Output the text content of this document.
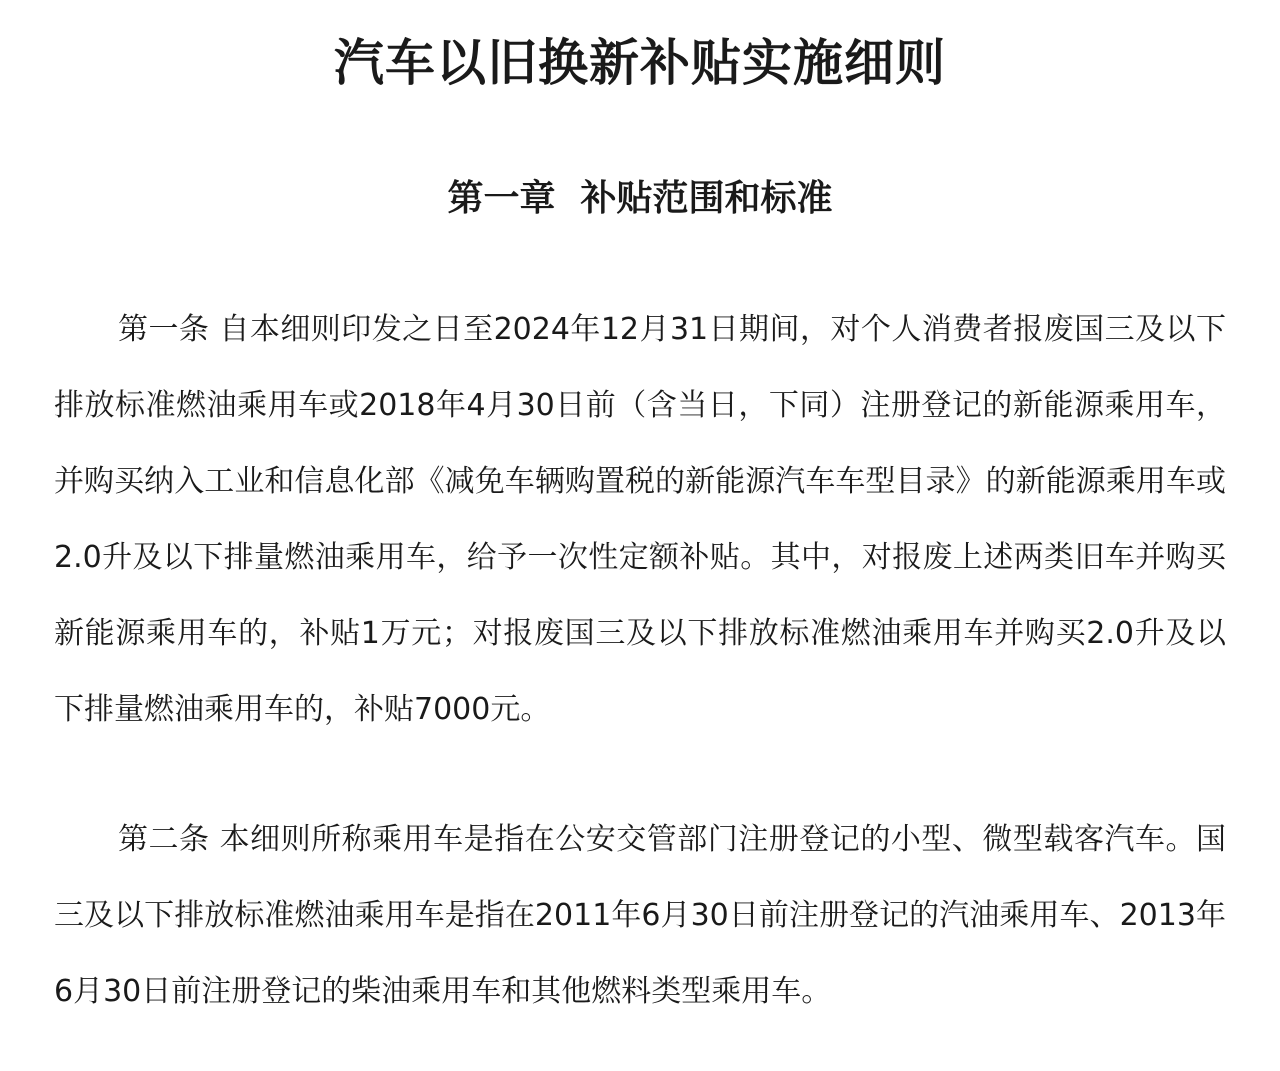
汽车以旧换新补贴实施细则
第一章  补贴范围和标准

第一条 自本细则印发之日至2024年12月31日期间，对个人消费者报废国三及以下排放标准燃油乘用车或2018年4月30日前（含当日，下同）注册登记的新能源乘用车，并购买纳入工业和信息化部《减免车辆购置税的新能源汽车车型目录》的新能源乘用车或2.0升及以下排量燃油乘用车，给予一次性定额补贴。其中，对报废上述两类旧车并购买新能源乘用车的，补贴1万元；对报废国三及以下排放标准燃油乘用车并购买2.0升及以下排量燃油乘用车的，补贴7000元。

第二条 本细则所称乘用车是指在公安交管部门注册登记的小型、微型载客汽车。国三及以下排放标准燃油乘用车是指在2011年6月30日前注册登记的汽油乘用车、2013年6月30日前注册登记的柴油乘用车和其他燃料类型乘用车。
